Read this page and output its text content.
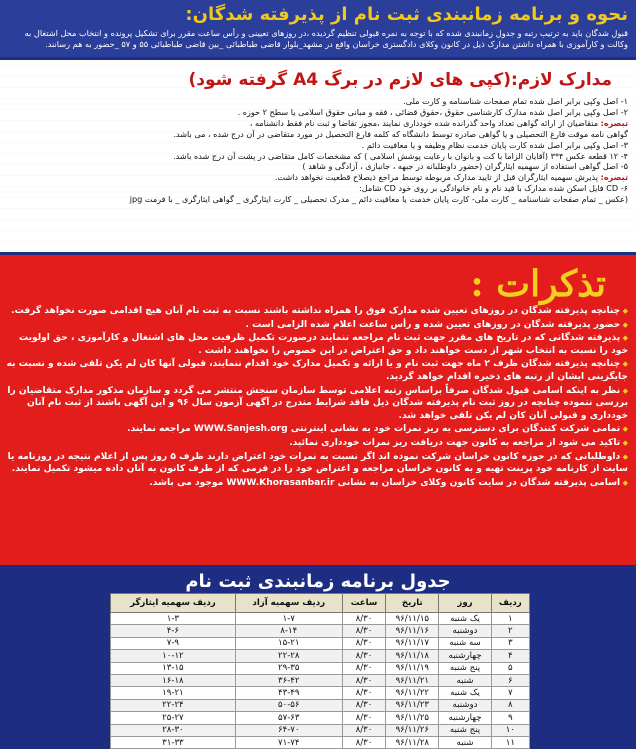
نحوه و برنامه زمانبندی ثبت نام از پذیرفته شدگان:
قبول شدگان باید به ترتیب رتبه و جدول زمانبندی شده که با توجه به نمره قبولی تنظیم گردیده ،در روزهای تعیینی و رأس ساعت مقرر برای تشکیل پرونده و انتخاب محل اشتغال به وکالت و کارآموزی با همراه داشتن مدارک ذیل در کانون وکلای دادگستری خراسان واقع در مشهد_بلوار قاضی طباطبائی _بین قاضی طباطبائی ۵۵ و ۵۷ _حضور به هم رسانند.
مدارک لازم:(کپی های لازم در برگ A4 گرفته شود)
۱- اصل وکپی برابر اصل شده تمام صفحات شناسنامه و کارت ملی.
۲- اصل وکپی برابر اصل شده مدارک کارشناسی حقوق ،حقوق قضائی ، فقه و مبانی حقوق اسلامی یا سطح ۲ حوزه .
تبصره: متقاضیان از ارائه گواهی تعداد واحد گذرانده شده خودداری نمایند ،مجوز تقاضا و ثبت نام فقط دانشنامه ،
گواهی نامه موقت فارغ التحصیلی و یا گواهی صادره توسط دانشگاه که کلمه فارغ التحصیل در مورد متقاضی در آن درج شده ، می باشد.
۳- اصل وکپی برابر اصل شده کارت پایان خدمت نظام وظیفه و یا معافیت دائم .
۴- ۱۲ قطعه عکس ۴*۳ (آقایان الزاما با کت و بانوان با رعایت پوشش اسلامی ) که مشخصات کامل متقاضی در پشت آن درج شده باشد.
۵- اصل گواهی استفاده از سهمیه ایثارگران (حضور داوطلبانه در جبهه ، جانبازی ، آزادگی و شاهد )
تبصره: پذیرش سهمیه ایثارگران قبل از تایید مدارک مربوطه توسط مراجع ذیصلاح قطعیت نخواهد داشت.
۶- CD فایل اسکن شده مدارک با قید نام و نام خانوادگی بر روی خود CD شامل:
(عکس _ تمام صفحات شناسنامه _ کارت ملی- کارت پایان خدمت یا معافیت دائم _ مدرک تحصیلی _ کارت ایثارگری _ گواهی ایثارگری _ با فرمت jpg
تذکرات :

◆ چنانچه پذیرفته شدگان در روزهای تعیین شده مدارک فوق را همراه نداشته باشند نسبت به ثبت نام آنان هیچ اقدامی صورت نخواهد گرفت.

◆ حضور پذیرفته شدگان در روزهای تعیین شده و رأس ساعت اعلام شده الزامی است .

◆ پذیرفته شدگانی که در تاریخ های مقرر جهت ثبت نام مراجعه ننمایند درصورت تکمیل ظرفیت محل های اشتغال و کارآموزی ، حق اولویت خود را نسبت به انتخاب شهر از دست خواهند داد و حق اعتراض در این خصوص را نخواهند داشت .

◆ چنانچه پذیرفته شدگان ظرف ۲ ماه جهت ثبت نام و یا ارائه و تکمیل مدارک خود اقدام ننمایند، قبولی آنها کان لم یکن تلقی شده و نسبت به جایگزینی ایشان از رتبه های ذخیره اقدام خواهد گردید.

◆ نظر به اینکه اسامی قبول شدگان صرفاً براساس رتبه اعلامی توسط سازمان سنجش منتشر می گردد و سازمان مذکور مدارک متقاضیان را بررسی ننموده چنانچه در روز ثبت نام پذیرفته شدگان ذیل فاقد شرایط مندرج در آگهی آزمون سال ۹۶ و این آگهی باشند از ثبت نام آنان خودداری و قبولی آنان کان لم یکن تلقی خواهد شد.

◆ تمامی شرکت کنندگان برای دسترسی به ریز نمرات خود به نشانی اینترنتی WWW.Sanjesh.org مراجعه نمایند.

◆ تاکید می شود از مراجعه به کانون جهت دریافت ریز نمرات خودداری نمائید.

◆ داوطلبانی که در حوزه کانون خراسان شرکت نموده اند اگر نسبت به نمرات خود اعتراض دارند ظرف ۵ روز پس از اعلام نتیجه در روزنامه یا سایت از کارنامه خود پرینت تهیه و به کانون خراسان مراجعه و اعتراض خود را در فرمی که از طرف کانون به آنان داده میشود تکمیل نمایند.

◆ اسامی پذیرفته شدگان در سایت کانون وکلای خراسان به نشانی WWW.Khorasanbar.ir موجود می باشد.

جدول برنامه زمانبندی ثبت نام
ردیف	روز	تاریخ	ساعت	ردیف سهمیه آزاد	ردیف سهمیه ایثارگر
۱	یک شنبه	۹۶/۱۱/۱۵	۸/۳۰	۱-۷	۱-۳
۲	دوشنبه	۹۶/۱۱/۱۶	۸/۳۰	۸-۱۴	۴-۶
۳	سه شنبه	۹۶/۱۱/۱۷	۸/۳۰	۱۵-۲۱	۷-۹
۴	چهارشنبه	۹۶/۱۱/۱۸	۸/۳۰	۲۲-۲۸	۱۰-۱۲
۵	پنج شنبه	۹۶/۱۱/۱۹	۸/۳۰	۲۹-۳۵	۱۳-۱۵
۶	شنبه	۹۶/۱۱/۲۱	۸/۳۰	۳۶-۴۲	۱۶-۱۸
۷	یک شنبه	۹۶/۱۱/۲۲	۸/۳۰	۴۳-۴۹	۱۹-۲۱
۸	دوشنبه	۹۶/۱۱/۲۳	۸/۳۰	۵۰-۵۶	۲۲-۲۴
۹	چهارشنبه	۹۶/۱۱/۲۵	۸/۳۰	۵۷-۶۳	۲۵-۲۷
۱۰	پنج شنبه	۹۶/۱۱/۲۶	۸/۳۰	۶۴-۷۰	۲۸-۳۰
۱۱	شنبه	۹۶/۱۱/۲۸	۸/۳۰	۷۱-۷۴	۳۱-۳۳
